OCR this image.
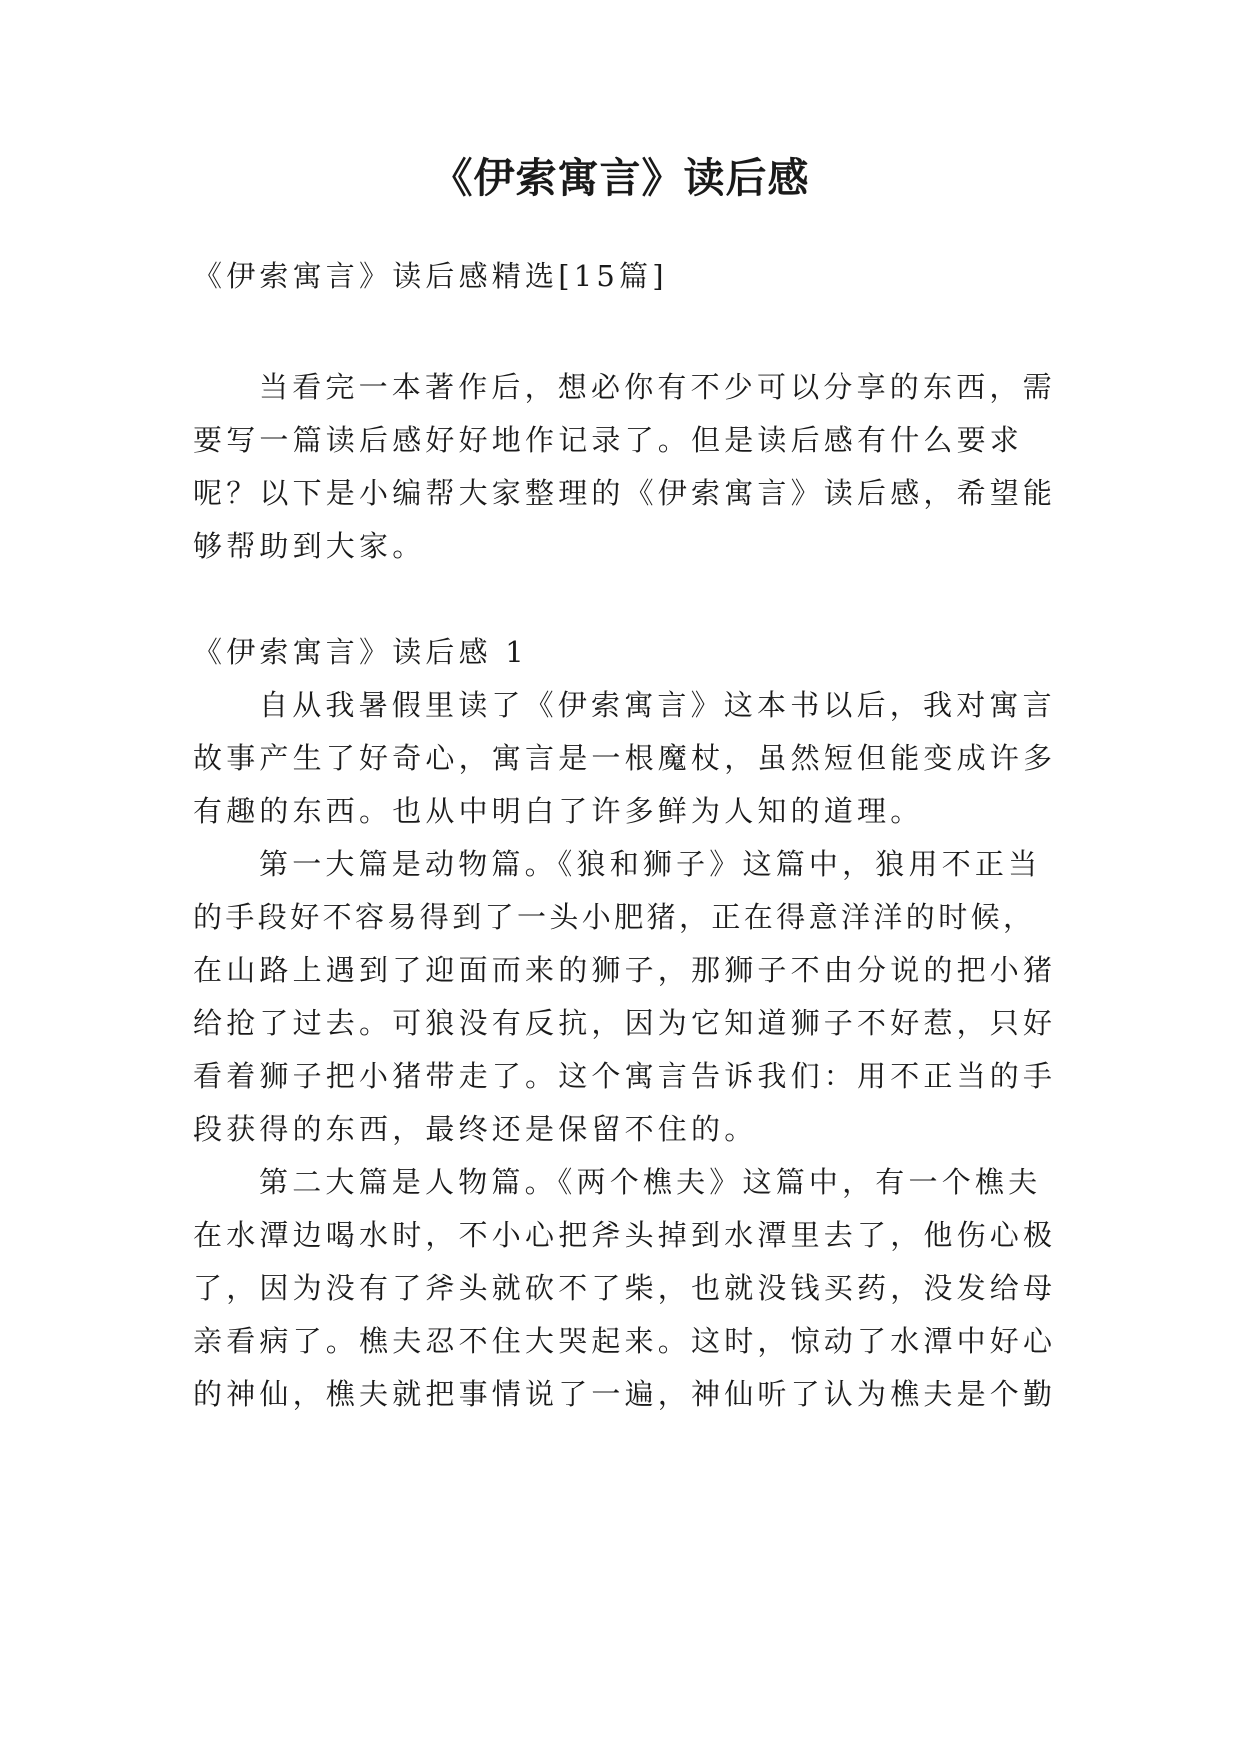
《伊索寓言》读后感
《伊索寓言》读后感精选[15篇]
当看完一本著作后，想必你有不少可以分享的东西，需
要写一篇读后感好好地作记录了。但是读后感有什么要求
呢？以下是小编帮大家整理的《伊索寓言》读后感，希望能
够帮助到大家。
《伊索寓言》读后感 1
自从我暑假里读了《伊索寓言》这本书以后，我对寓言
故事产生了好奇心，寓言是一根魔杖，虽然短但能变成许多
有趣的东西。也从中明白了许多鲜为人知的道理。
第一大篇是动物篇。《狼和狮子》这篇中，狼用不正当
的手段好不容易得到了一头小肥猪，正在得意洋洋的时候，
在山路上遇到了迎面而来的狮子，那狮子不由分说的把小猪
给抢了过去。可狼没有反抗，因为它知道狮子不好惹，只好
看着狮子把小猪带走了。这个寓言告诉我们：用不正当的手
段获得的东西，最终还是保留不住的。
第二大篇是人物篇。《两个樵夫》这篇中，有一个樵夫
在水潭边喝水时，不小心把斧头掉到水潭里去了，他伤心极
了，因为没有了斧头就砍不了柴，也就没钱买药，没发给母
亲看病了。樵夫忍不住大哭起来。这时，惊动了水潭中好心
的神仙，樵夫就把事情说了一遍，神仙听了认为樵夫是个勤
